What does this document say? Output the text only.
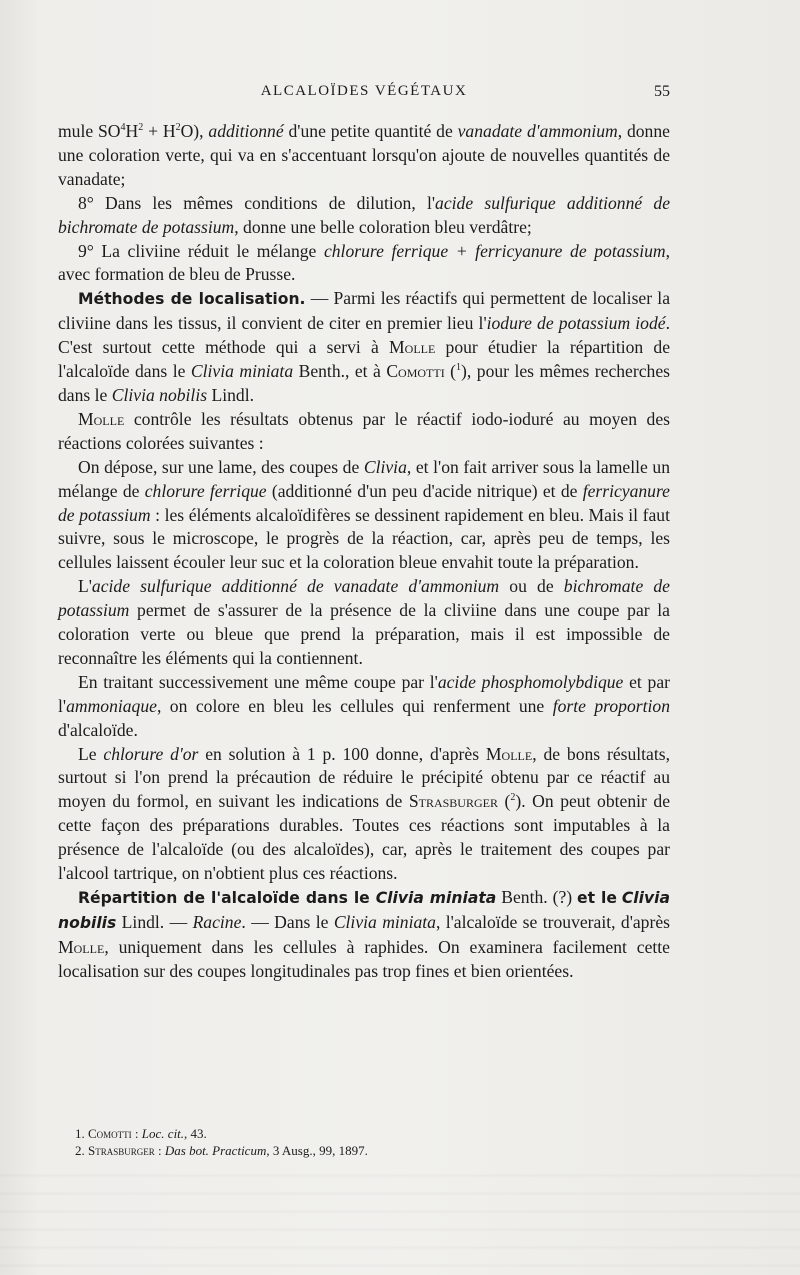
ALCALOÏDES VÉGÉTAUX	55

mule $SO^4H^2 + H^2O$), additionné d'une petite quantité de vanadate d'ammonium, donne une coloration verte, qui va en s'accentuant lorsqu'on ajoute de nouvelles quantités de vanadate;

8° Dans les mêmes conditions de dilution, l'acide sulfurique additionné de bichromate de potassium, donne une belle coloration bleu verdâtre;

9° La cliviine réduit le mélange chlorure ferrique + ferricyanure de potassium, avec formation de bleu de Prusse.

Méthodes de localisation. — Parmi les réactifs qui permettent de localiser la cliviine dans les tissus, il convient de citer en premier lieu l'iodure de potassium iodé. C'est surtout cette méthode qui a servi à Molle pour étudier la répartition de l'alcaloïde dans le Clivia miniata Benth., et à Comotti ($^1$), pour les mêmes recherches dans le Clivia nobilis Lindl.

Molle contrôle les résultats obtenus par le réactif iodo-ioduré au moyen des réactions colorées suivantes :

On dépose, sur une lame, des coupes de Clivia, et l'on fait arriver sous la lamelle un mélange de chlorure ferrique (additionné d'un peu d'acide nitrique) et de ferricyanure de potassium : les éléments alcaloïdifères se dessinent rapidement en bleu. Mais il faut suivre, sous le microscope, le progrès de la réaction, car, après peu de temps, les cellules laissent écouler leur suc et la coloration bleue envahit toute la préparation.

L'acide sulfurique additionné de vanadate d'ammonium ou de bichromate de potassium permet de s'assurer de la présence de la cliviine dans une coupe par la coloration verte ou bleue que prend la préparation, mais il est impossible de reconnaître les éléments qui la contiennent.

En traitant successivement une même coupe par l'acide phosphomolybdique et par l'ammoniaque, on colore en bleu les cellules qui renferment une forte proportion d'alcaloïde.

Le chlorure d'or en solution à 1 p. 100 donne, d'après Molle, de bons résultats, surtout si l'on prend la précaution de réduire le précipité obtenu par ce réactif au moyen du formol, en suivant les indications de Strasburger ($^2$). On peut obtenir de cette façon des préparations durables. Toutes ces réactions sont imputables à la présence de l'alcaloïde (ou des alcaloïdes), car, après le traitement des coupes par l'alcool tartrique, on n'obtient plus ces réactions.

Répartition de l'alcaloïde dans le Clivia miniata Benth. (?) et le Clivia nobilis Lindl. — Racine. — Dans le Clivia miniata, l'alcaloïde se trouverait, d'après Molle, uniquement dans les cellules à raphides. On examinera facilement cette localisation sur des coupes longitudinales pas trop fines et bien orientées.

1. Comotti : Loc. cit., 43.
2. Strasburger : Das bot. Practicum, 3 Ausg., 99, 1897.
